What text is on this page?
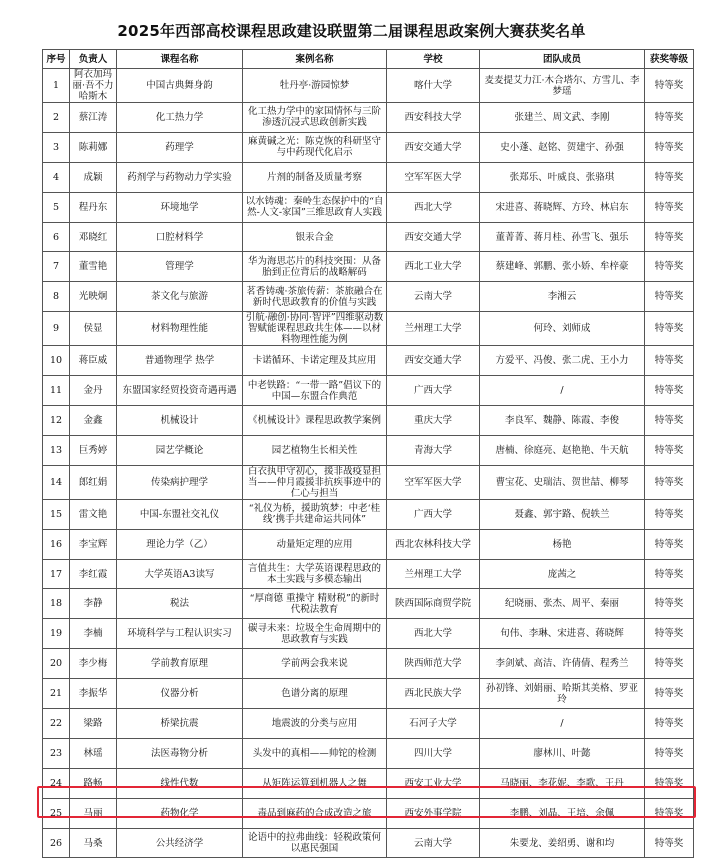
2025年西部高校课程思政建设联盟第二届课程思政案例大赛获奖名单
序号	负责人	课程名称	案例名称	学校	团队成员	获奖等级
1	阿衣加玛丽·吾不力哈斯木	中国古典舞身韵	牡丹亭·游园惊梦	喀什大学	麦麦提艾力江·木合塔尔、方雪儿、李梦瑶	特等奖
2	蔡江涛	化工热力学	化工热力学中的家国情怀与三阶渗透沉浸式思政创新实践	西安科技大学	张建兰、周文武、李刚	特等奖
3	陈莉娜	药理学	麻黄碱之光：陈克恢的科研坚守与中药现代化启示	西安交通大学	史小蓬、赵铭、贺建宇、孙强	特等奖
4	成颖	药剂学与药物动力学实验	片剂的制备及质量考察	空军军医大学	张郑乐、叶威良、张骆琪	特等奖
5	程丹东	环境地学	以水铸魂：秦岭生态保护中的“自然-人文-家国”三维思政育人实践	西北大学	宋进喜、蒋晓辉、方玲、林启东	特等奖
6	邓晓红	口腔材料学	银汞合金	西安交通大学	董菁菁、蒋月桂、孙雪飞、强乐	特等奖
7	董雪艳	管理学	华为海思芯片的科技突围：从备胎到正位背后的战略解码	西北工业大学	蔡建峰、郭鹏、张小娇、牟梓豪	特等奖
8	光映炯	茶文化与旅游	茗香铸魂·茶旅传薪：茶旅融合在新时代思政教育的价值与实践	云南大学	李湘云	特等奖
9	侯显	材料物理性能	引航·融创·协同·智评”四维驱动数智赋能课程思政共生体——以材料物理性能为例	兰州理工大学	何玲、刘师成	特等奖
10	蒋臣威	普通物理学 热学	卡诺循环、卡诺定理及其应用	西安交通大学	方爱平、冯俊、张二虎、王小力	特等奖
11	金丹	东盟国家经贸投资奇遇再遇	中老铁路：“一带一路”倡议下的中国—东盟合作典范	广西大学	/	特等奖
12	金鑫	机械设计	《机械设计》课程思政教学案例	重庆大学	李良军、魏静、陈霞、李俊	特等奖
13	巨秀婷	园艺学概论	园艺植物生长相关性	青海大学	唐楠、徐庭亮、赵艳艳、牛天航	特等奖
14	郎红娟	传染病护理学	白衣执甲守初心，援非战疫显担当——仲月霞援非抗疾事迹中的仁心与担当	空军军医大学	曹宝花、史瑞洁、贺世喆、柳琴	特等奖
15	雷文艳	中国-东盟社交礼仪	“礼仪为桥，援助筑梦：中老‘桂线’携手共建命运共同体”	广西大学	聂鑫、郭宇路、倪轶兰	特等奖
16	李宝辉	理论力学（乙）	动量矩定理的应用	西北农林科技大学	杨艳	特等奖
17	李红霞	大学英语A3读写	言值共生：大学英语课程思政的本土实践与多模态输出	兰州理工大学	庞茜之	特等奖
18	李静	税法	“厚商德 重操守 精财税”的新时代税法教育	陕西国际商贸学院	纪晓丽、张杰、周平、秦丽	特等奖
19	李楠	环境科学与工程认识实习	碳寻未来：垃圾全生命周期中的思政教育与实践	西北大学	旬伟、李琳、宋进喜、蒋晓辉	特等奖
20	李少梅	学前教育原理	学前两会我来说	陕西师范大学	李剑斌、高洁、许倩倩、程秀兰	特等奖
21	李振华	仪器分析	色谱分离的原理	西北民族大学	孙初锋、刘娟丽、哈斯其美格、罗亚玲	特等奖
22	梁路	桥梁抗震	地震波的分类与应用	石河子大学	/	特等奖
23	林瑶	法医毒物分析	头发中的真相——帅铊的检测	四川大学	廖林川、叶懿	特等奖
24	路畅	线性代数	从矩阵运算到机器人之舞	西安工业大学	马晓丽、李花妮、李歌、王丹	特等奖
25	马丽	药物化学	毒品到麻药的合成改造之旅	西安外事学院	李鹏、刘晶、王培、余佩	特等奖
26	马桑	公共经济学	论语中的拉弗曲线：轻税政策何以惠民强国	云南大学	朱要龙、姜绍勇、谢和均	特等奖
